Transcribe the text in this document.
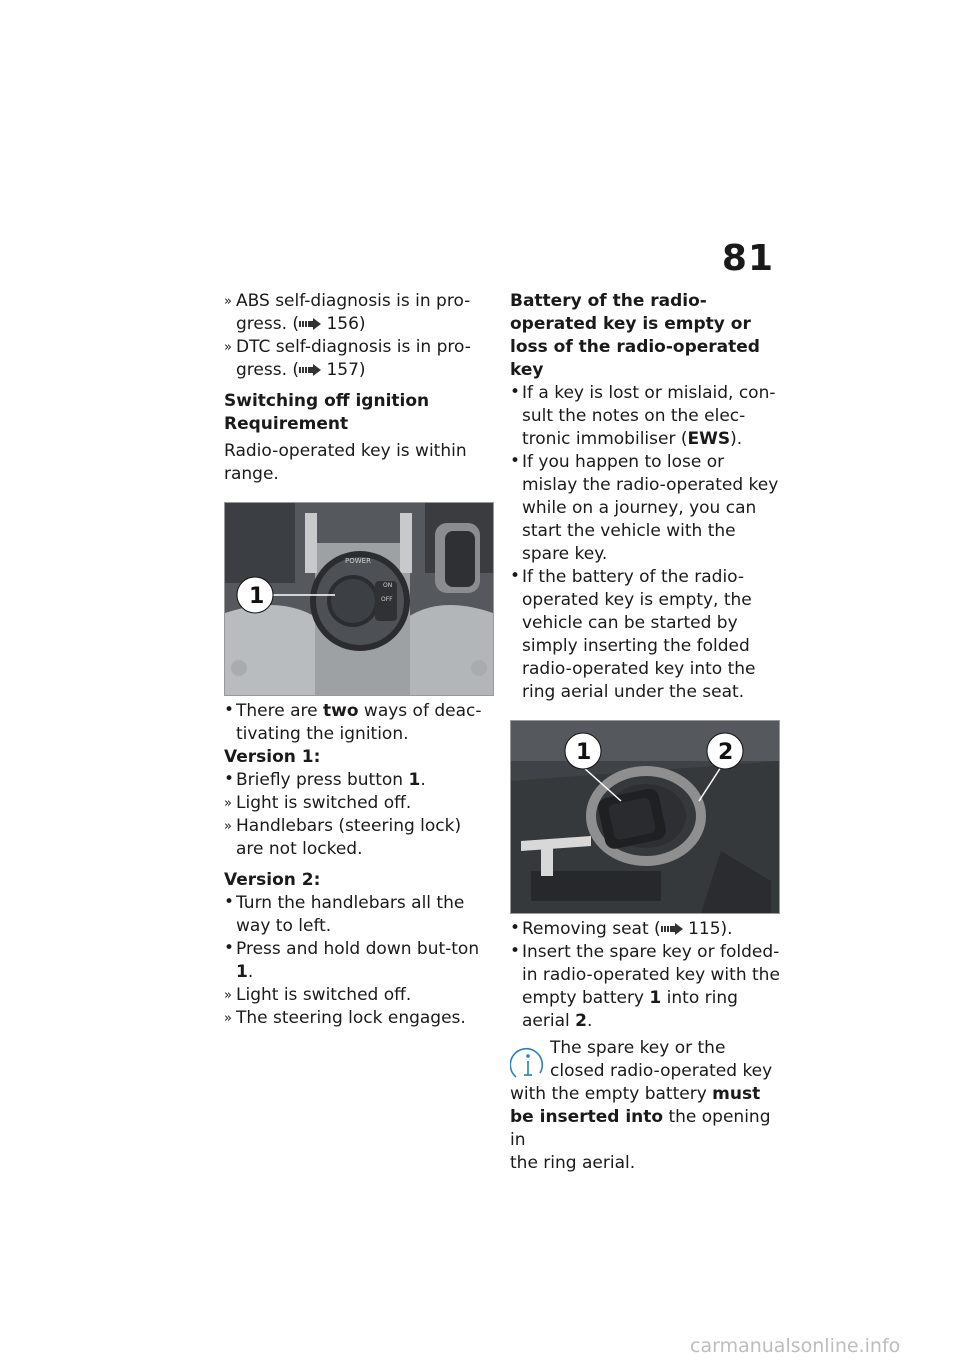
81
» ABS self-diagnosis is in pro-gress. ( 156)
» DTC self-diagnosis is in pro-gress. ( 157)
Switching off ignition
Requirement
Radio-operated key is within range.
POWER
ON
OFF
1
• There are two ways of deac-tivating the ignition.
Version 1:
• Briefly press button 1.
» Light is switched off.
» Handlebars (steering lock) are not locked.
Version 2:
• Turn the handlebars all the way to left.
• Press and hold down but-ton 1.
» Light is switched off.
» The steering lock engages.
Battery of the radio-operated key is empty or loss of the radio-operated key
• If a key is lost or mislaid, con-sult the notes on the elec-tronic immobiliser (EWS).
• If you happen to lose or mislay the radio-operated key while on a journey, you can start the vehicle with the spare key.
• If the battery of the radio-operated key is empty, the vehicle can be started by simply inserting the folded radio-operated key into the ring aerial under the seat.
1	2
• Removing seat ( 115).
• Insert the spare key or folded-in radio-operated key with the empty battery 1 into ring aerial 2.
The spare key or the
closed radio-operated key
with the empty battery must
be inserted into the opening in
the ring aerial.
carmanualsonline.info
